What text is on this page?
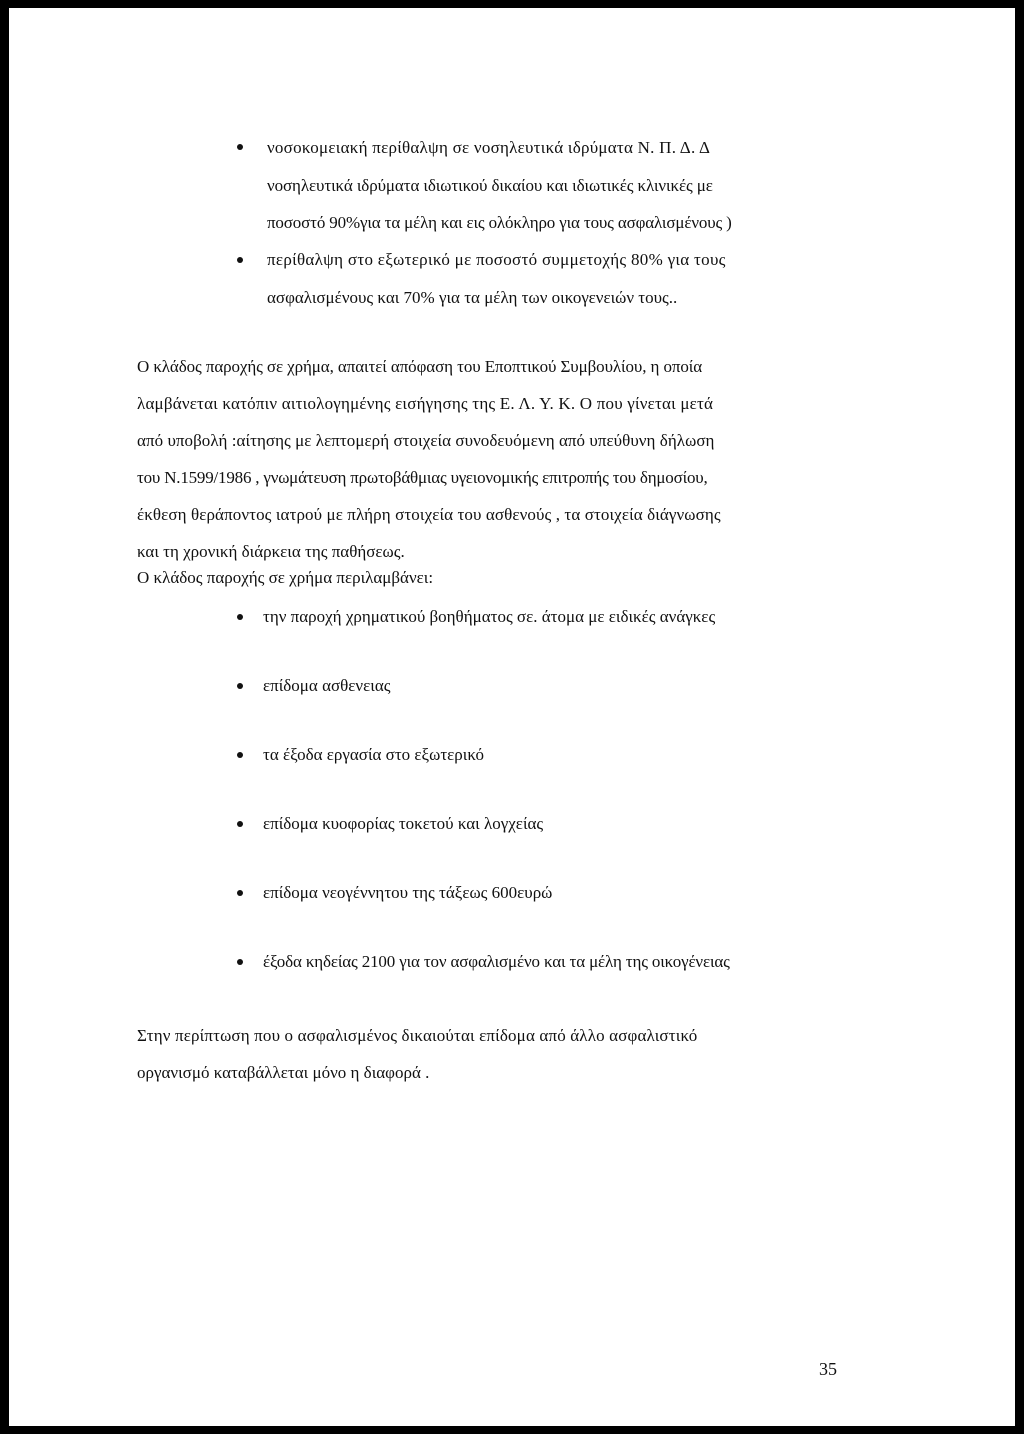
νοσοκομειακή περίθαλψη σε νοσηλευτικά ιδρύματα Ν. Π. Δ. Δ
νοσηλευτικά ιδρύματα ιδιωτικού δικαίου και ιδιωτικές κλινικές με
ποσοστό 90%για τα μέλη και εις ολόκληρο για τους ασφαλισμένους )
περίθαλψη στο εξωτερικό με ποσοστό συμμετοχής 80% για τους
ασφαλισμένους και 70% για τα μέλη των οικογενειών τους..
Ο κλάδος παροχής σε χρήμα, απαιτεί απόφαση του Εποπτικού Συμβουλίου, η οποία
λαμβάνεται κατόπιν αιτιολογημένης εισήγησης της Ε. Λ. Υ. Κ. Ο που γίνεται μετά
από υποβολή :αίτησης με λεπτομερή στοιχεία συνοδευόμενη από υπεύθυνη δήλωση
του Ν.1599/1986 , γνωμάτευση πρωτοβάθμιας υγειονομικής επιτροπής του δημοσίου,
έκθεση θεράποντος ιατρού με πλήρη στοιχεία του ασθενούς , τα στοιχεία διάγνωσης
και τη χρονική διάρκεια της παθήσεως.
Ο κλάδος παροχής σε χρήμα περιλαμβάνει:
την παροχή χρηματικού βοηθήματος σε. άτομα με ειδικές ανάγκες
επίδομα ασθενειας
τα έξοδα εργασία στο εξωτερικό
επίδομα κυοφορίας τοκετού και λογχείας
επίδομα νεογέννητου της τάξεως 600ευρώ
έξοδα κηδείας 2100 για τον ασφαλισμένο και τα μέλη της οικογένειας
Στην περίπτωση που ο ασφαλισμένος δικαιούται επίδομα από άλλο ασφαλιστικό
οργανισμό καταβάλλεται μόνο η διαφορά .
35
